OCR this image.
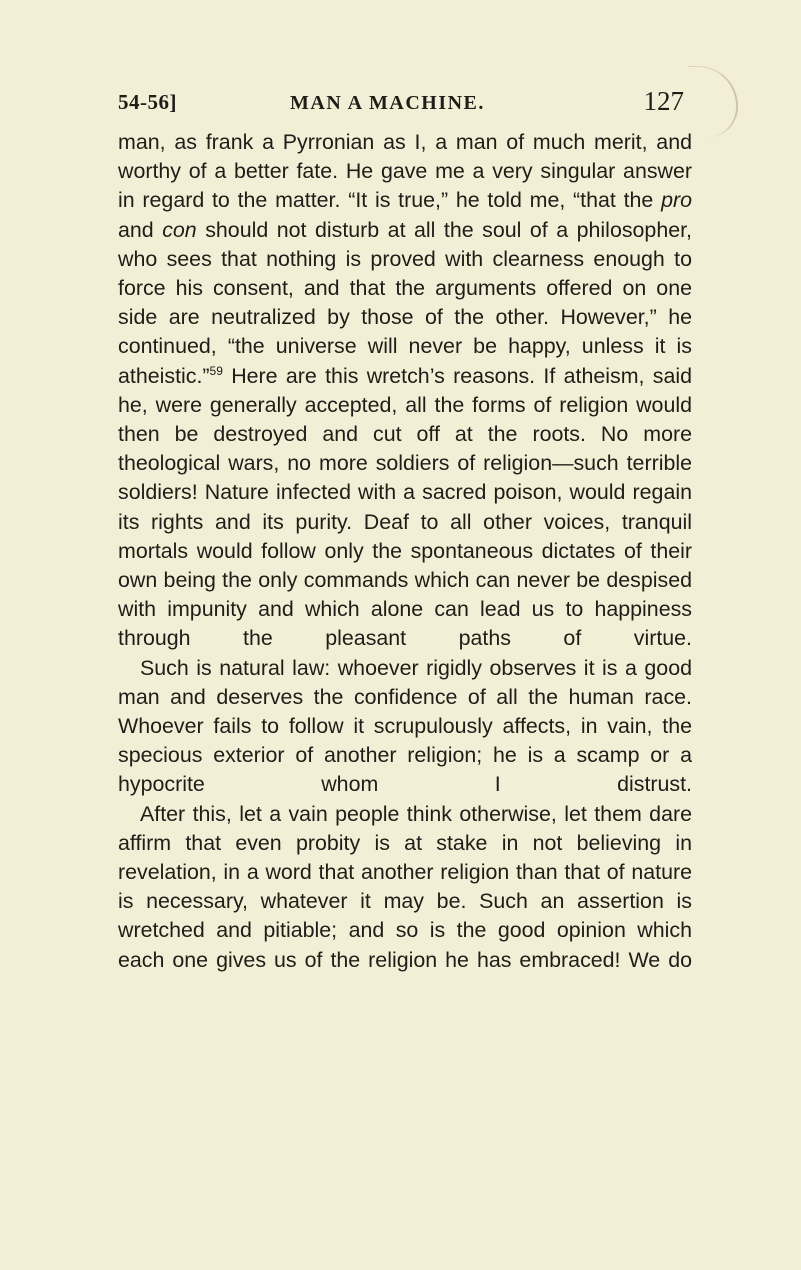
54-56]	MAN A MACHINE.	127

man, as frank a Pyrronian as I, a man of much merit, and worthy of a better fate. He gave me a very singular answer in regard to the matter. “It is true,” he told me, “that the pro and con should not disturb at all the soul of a philosopher, who sees that nothing is proved with clearness enough to force his consent, and that the arguments offered on one side are neutralized by those of the other. However,” he continued, “the universe will never be happy, unless it is atheistic.”$^{59}$ Here are this wretch’s reasons. If atheism, said he, were generally accepted, all the forms of religion would then be destroyed and cut off at the roots. No more theological wars, no more soldiers of religion—such terrible soldiers! Nature infected with a sacred poison, would regain its rights and its purity. Deaf to all other voices, tranquil mortals would follow only the spontaneous dictates of their own being the only commands which can never be despised with impunity and which alone can lead us to happiness through the pleasant paths of virtue.

Such is natural law: whoever rigidly observes it is a good man and deserves the confidence of all the human race. Whoever fails to follow it scrupulously affects, in vain, the specious exterior of another religion; he is a scamp or a hypocrite whom I distrust.

After this, let a vain people think otherwise, let them dare affirm that even probity is at stake in not believing in revelation, in a word that another religion than that of nature is necessary, whatever it may be. Such an assertion is wretched and pitiable; and so is the good opinion which each one gives us of the religion he has embraced! We do
